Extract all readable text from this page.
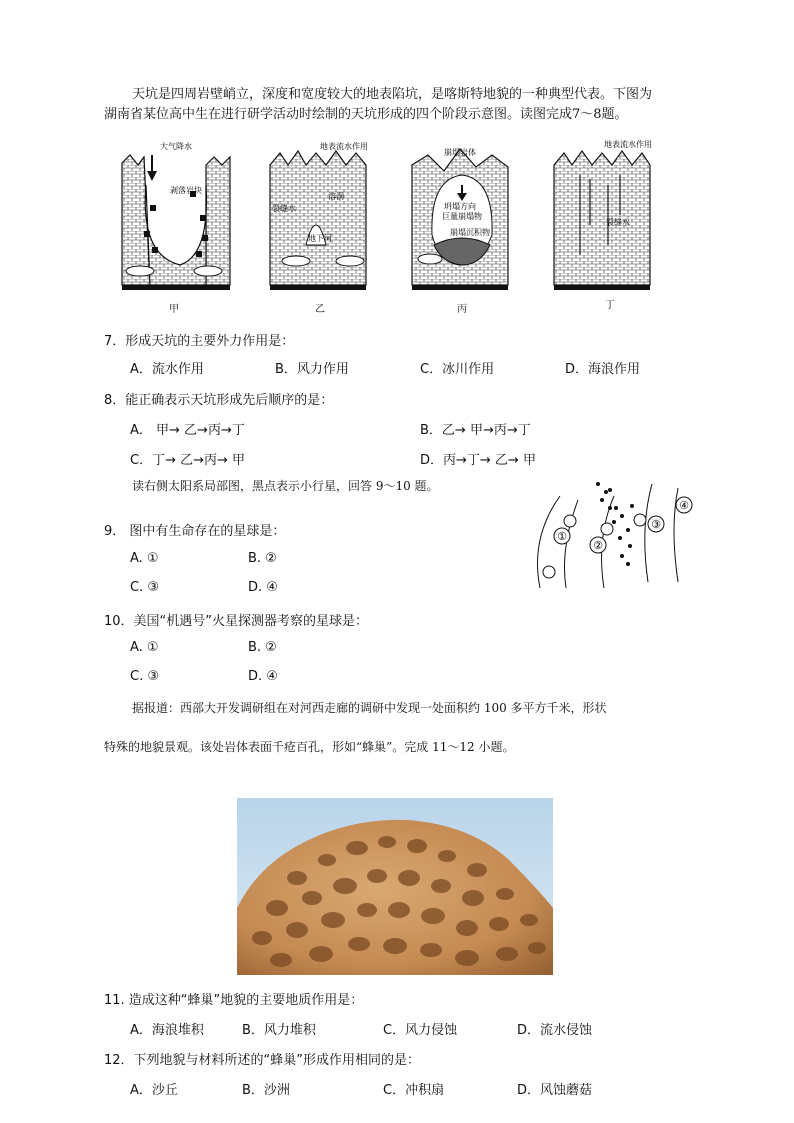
天坑是四周岩壁峭立，深度和宽度较大的地表陷坑，是喀斯特地貌的一种典型代表。下图为
湖南省某位高中生在进行研学活动时绘制的天坑形成的四个阶段示意图。读图完成7～8题。
大气降水
剥落岩块
地表流水作用
裂缝水
溶洞
地下河
崩塌岩体
坍塌方向
巨量崩塌物
崩塌沉积物
地表流水作用
裂缝水
甲	乙	丙	丁
7．形成天坑的主要外力作用是：
A．流水作用	B．风力作用	C．冰川作用	D．海浪作用
8．能正确表示天坑形成先后顺序的是：
A． 甲→ 乙→丙→丁	B．乙→ 甲→丙→丁
C．丁→ 乙→丙→ 甲	D．丙→丁→ 乙→ 甲
读右侧太阳系局部图，黑点表示小行星，回答 9～10 题。
①
②
③
④
9． 图中有生命存在的星球是：
A. ①	B. ②
C. ③	D. ④
10．美国“机遇号”火星探测器考察的星球是：
A. ①	B. ②
C. ③	D. ④
据报道：西部大开发调研组在对河西走廊的调研中发现一处面积约 100 多平方千米，形状
特殊的地貌景观。该处岩体表面千疮百孔，形如“蜂巢”。完成 11～12 小题。
11. 造成这种“蜂巢”地貌的主要地质作用是：
A．海浪堆积	B．风力堆积	C．风力侵蚀	D．流水侵蚀
12．下列地貌与材料所述的“蜂巢”形成作用相同的是：
A．沙丘	B．沙洲	C．冲积扇	D．风蚀蘑菇
